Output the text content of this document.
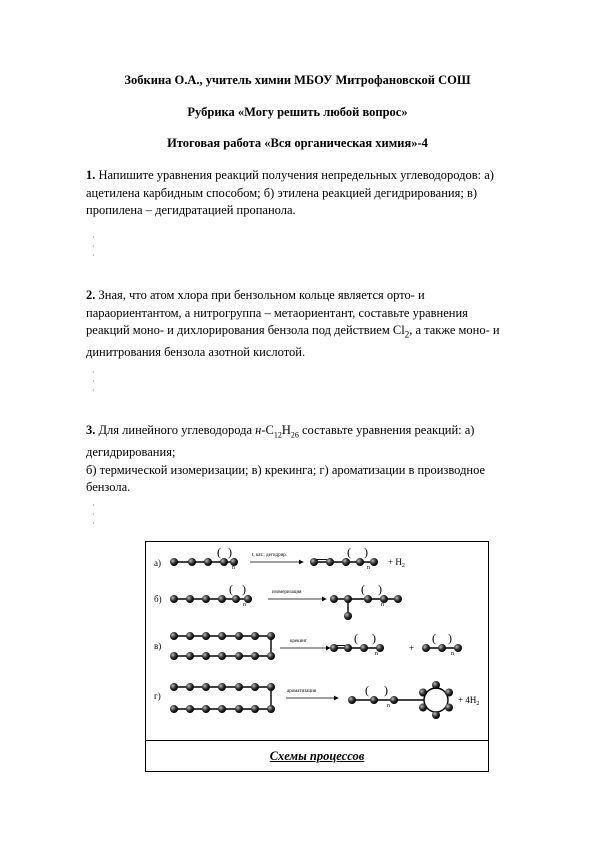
Зобкина О.А., учитель химии МБОУ Митрофановской СОШ
Рубрика «Могу решить любой вопрос»
Итоговая работа «Вся органическая химия»-4
1. Напишите уравнения реакций получения непредельных углеводородов: а)
ацетилена карбидным способом; б) этилена реакцией дегидрирования; в)
пропилена – дегидратацией пропанола.
·
·
·
2. Зная, что атом хлора при бензольном кольце является орто- и
параориентантом, а нитрогруппа – метаориентант, составьте уравнения
реакций моно- и дихлорирования бензола под действием $Cl_2$, а также моно- и
динитрования бензола азотной кислотой.
·
·
·
3. Для линейного углеводорода $н-C_{12}H_{26}$ составьте уравнения реакций: а)
дегидрирования;
б) термической изомеризации; в) крекинга; г) ароматизации в производное
бензола.
·
·
·
а)
б)
в)
г)
( )
n
t, кат.; дегидрир.	( )
n
+ $H_2$
( )
n
изомеризация	( )
n
крекинг	( )
n
+
( )
n
ароматизация	( )
n
+ $4H_2$
Схемы процессов
